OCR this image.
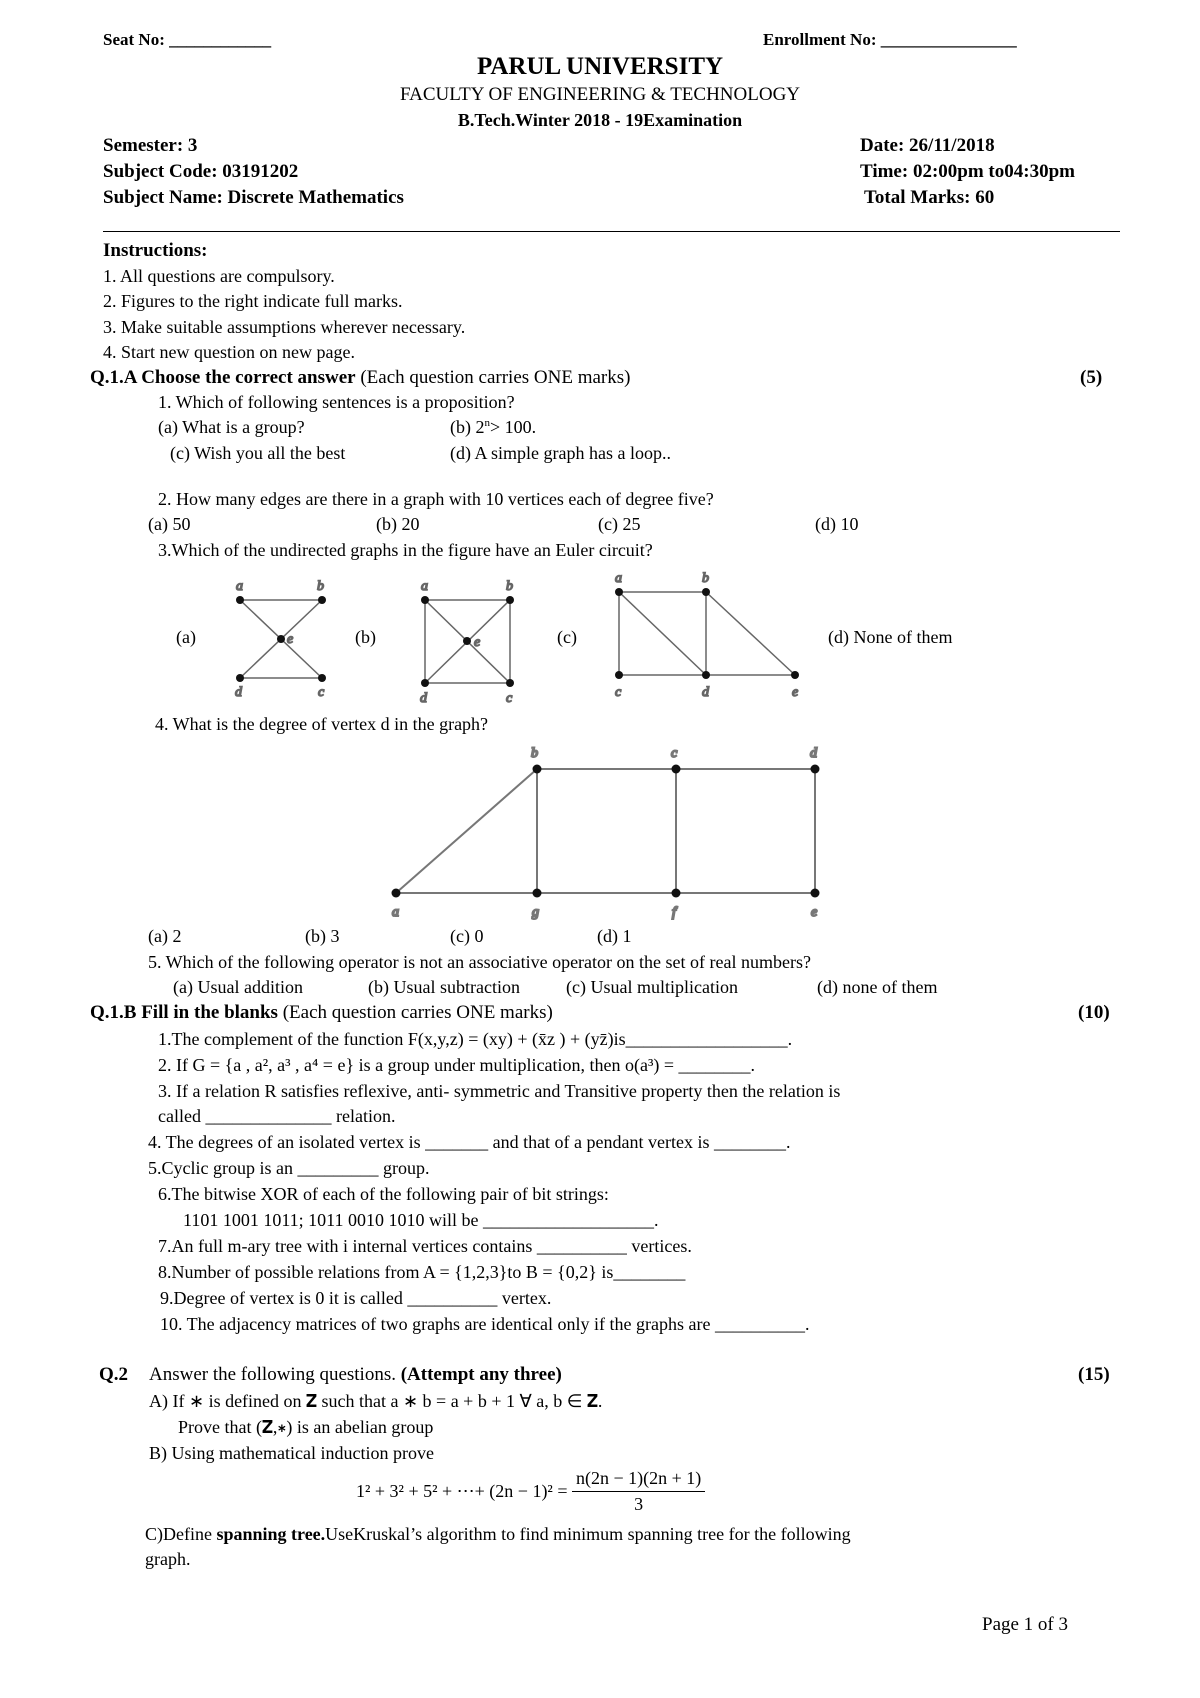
Seat No: ____________	Enrollment No: ________________
PARUL UNIVERSITY
FACULTY OF ENGINEERING & TECHNOLOGY
B.Tech.Winter 2018 - 19Examination
Semester: 3	Date: 26/11/2018
Subject Code: 03191202	Time: 02:00pm to04:30pm
Subject Name: Discrete Mathematics	Total Marks: 60
Instructions:
1. All questions are compulsory.
2. Figures to the right indicate full marks.
3. Make suitable assumptions wherever necessary.
4. Start new question on new page.
Q.1.A Choose the correct answer (Each question carries ONE marks)	(5)
1. Which of following sentences is a proposition?
(a) What is a group?	(b) $2^n> 100$.
(c) Wish you all the best	(d) A simple graph has a loop..
2. How many edges are there in a graph with 10 vertices each of degree five?
(a) 50	(b) 20	(c) 25	(d) 10
3.Which of the undirected graphs in the figure have an Euler circuit?
(a)	(b)	(c)	(d) None of them
a	b
e
d	c
a	b
e
d	c
a	b
c	d	e
4. What is the degree of vertex d in the graph?
b	c	d
a	g	f	e
(a) 2	(b) 3	(c) 0	(d) 1
5. Which of the following operator is not an associative operator on the set of real numbers?
(a) Usual addition	(b) Usual subtraction	(c) Usual multiplication	(d) none of them
Q.1.B Fill in the blanks (Each question carries ONE marks)	(10)
1.The complement of the function F(x,y,z) = (xy) + (x̄z ) + (yz̄)is__________________.
2. If G = {a , a², a³ , a⁴ = e} is a group under multiplication, then o(a³) = ________.
3. If a relation R satisfies reflexive, anti- symmetric and Transitive property then the relation is
called ______________ relation.
4. The degrees of an isolated vertex is _______ and that of a pendant vertex is ________.
5.Cyclic group is an _________ group.
6.The bitwise XOR of each of the following pair of bit strings:
1101 1001 1011; 1011 0010 1010 will be ___________________.
7.An full m-ary tree with i internal vertices contains __________ vertices.
8.Number of possible relations from A = {1,2,3}to B = {0,2} is________
9.Degree of vertex is 0 it is called __________ vertex.
10. The adjacency matrices of two graphs are identical only if the graphs are __________.
Q.2 Answer the following questions. (Attempt any three)	(15)
A) If ∗ is defined on 𝐙 such that a ∗ b = a + b + 1 ∀ a, b ∈ 𝐙.
Prove that (𝐙,∗) is an abelian group
B) Using mathematical induction prove
1² + 3² + 5² + ⋯+ $(2n - 1)^2 = \frac{n(2n - 1)(2n + 1)}{3}$
C)Define spanning tree.UseKruskal’s algorithm to find minimum spanning tree for the following
graph.
Page 1 of 3
